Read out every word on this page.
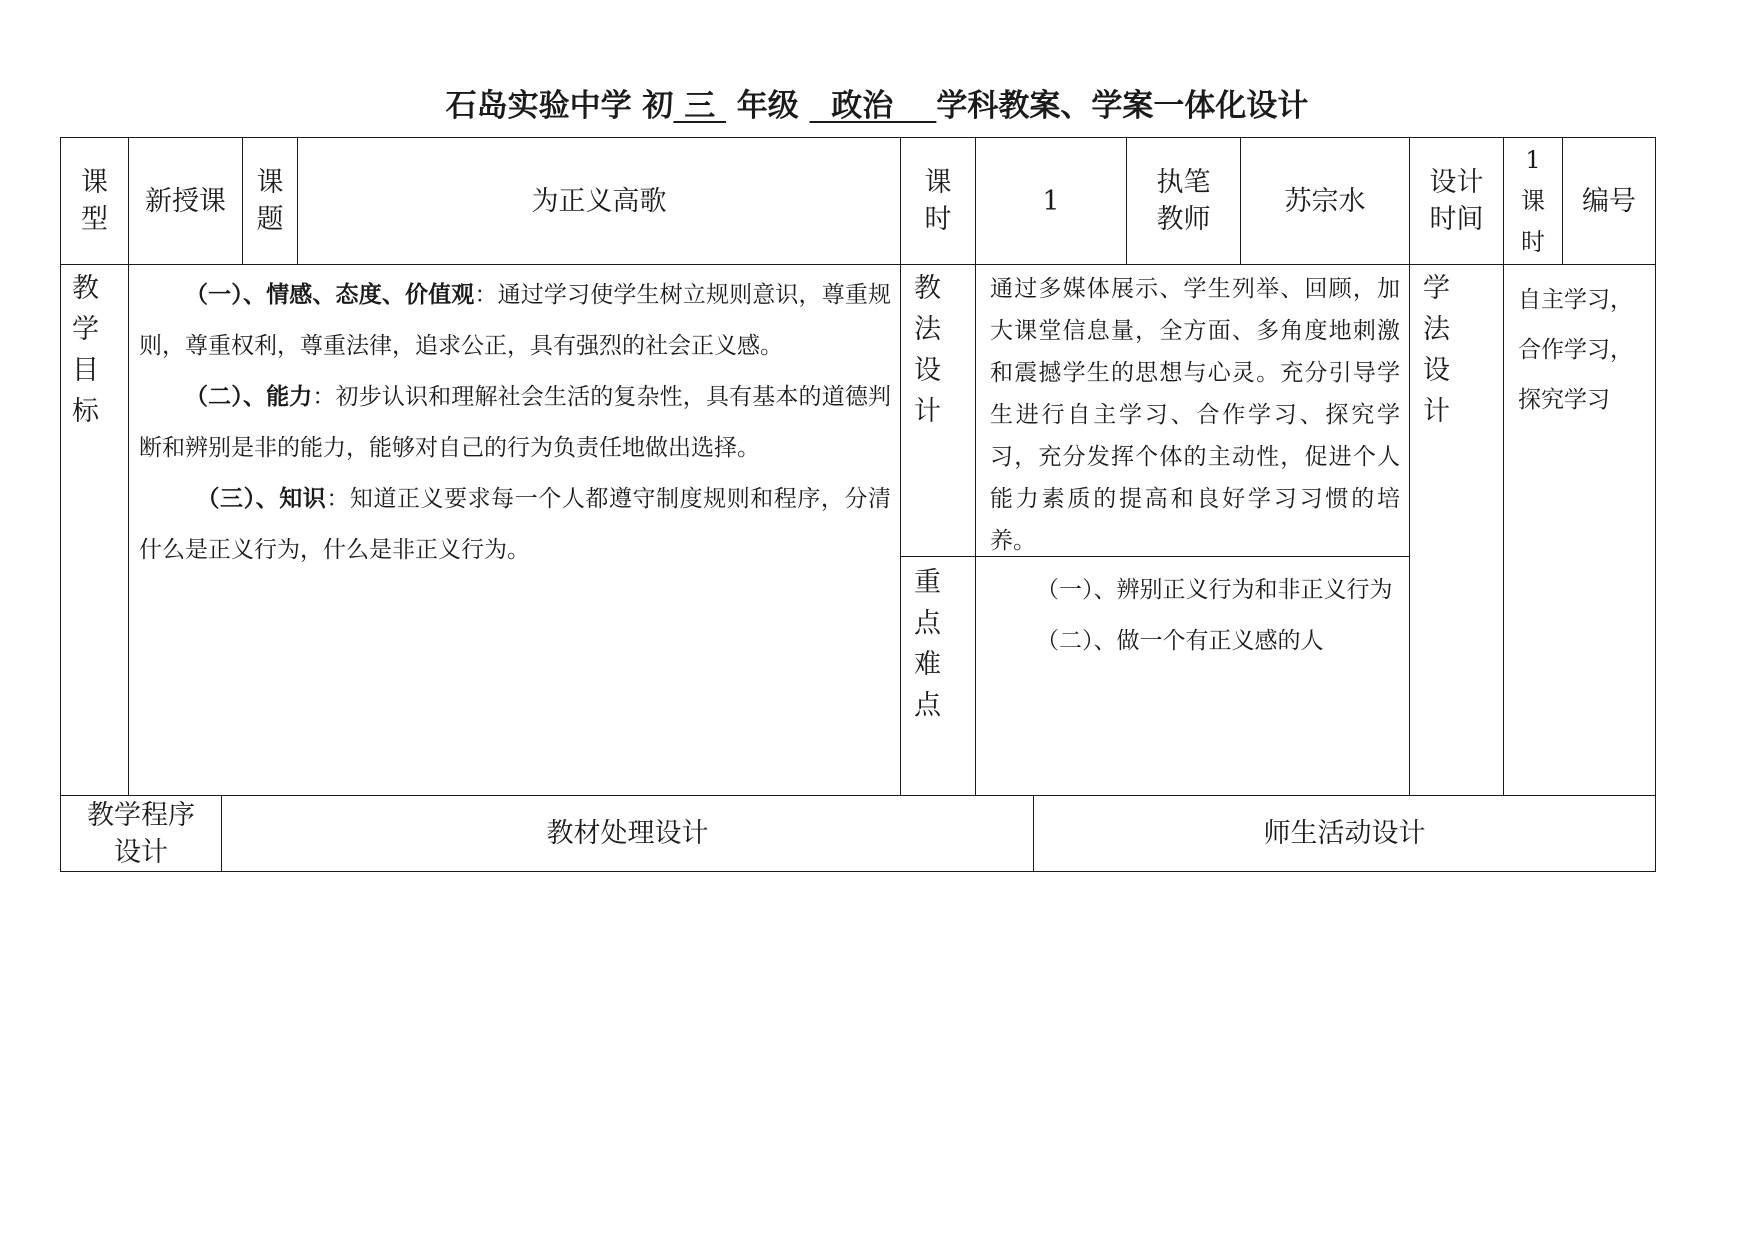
石岛实验中学 初 三  年级   政治    学科教案、学案一体化设计
课
型
新授课
课
题
为正义高歌
课
时
1
执笔
教师
苏宗水
设计
时间
1
课
时
编号
教
学
目
标

（一）、情感、态度、价值观：通过学习使学生树立规则意识，尊重规则，尊重权利，尊重法律，追求公正，具有强烈的社会正义感。

（二）、能力：初步认识和理解社会生活的复杂性，具有基本的道德判断和辨别是非的能力，能够对自己的行为负责任地做出选择。

（三）、知识：知道正义要求每一个人都遵守制度规则和程序，分清什么是正义行为，什么是非正义行为。

教
法
设
计
通过多媒体展示、学生列举、回顾，加大课堂信息量，全方面、多角度地刺激和震撼学生的思想与心灵。充分引导学生进行自主学习、合作学习、探究学习，充分发挥个体的主动性，促进个人能力素质的提高和良好学习习惯的培养。
重
点
难
点

（一）、辨别正义行为和非正义行为

（二）、做一个有正义感的人

学
法
设
计
自主学习，
合作学习，
探究学习
教学程序
设计
教材处理设计	师生活动设计
